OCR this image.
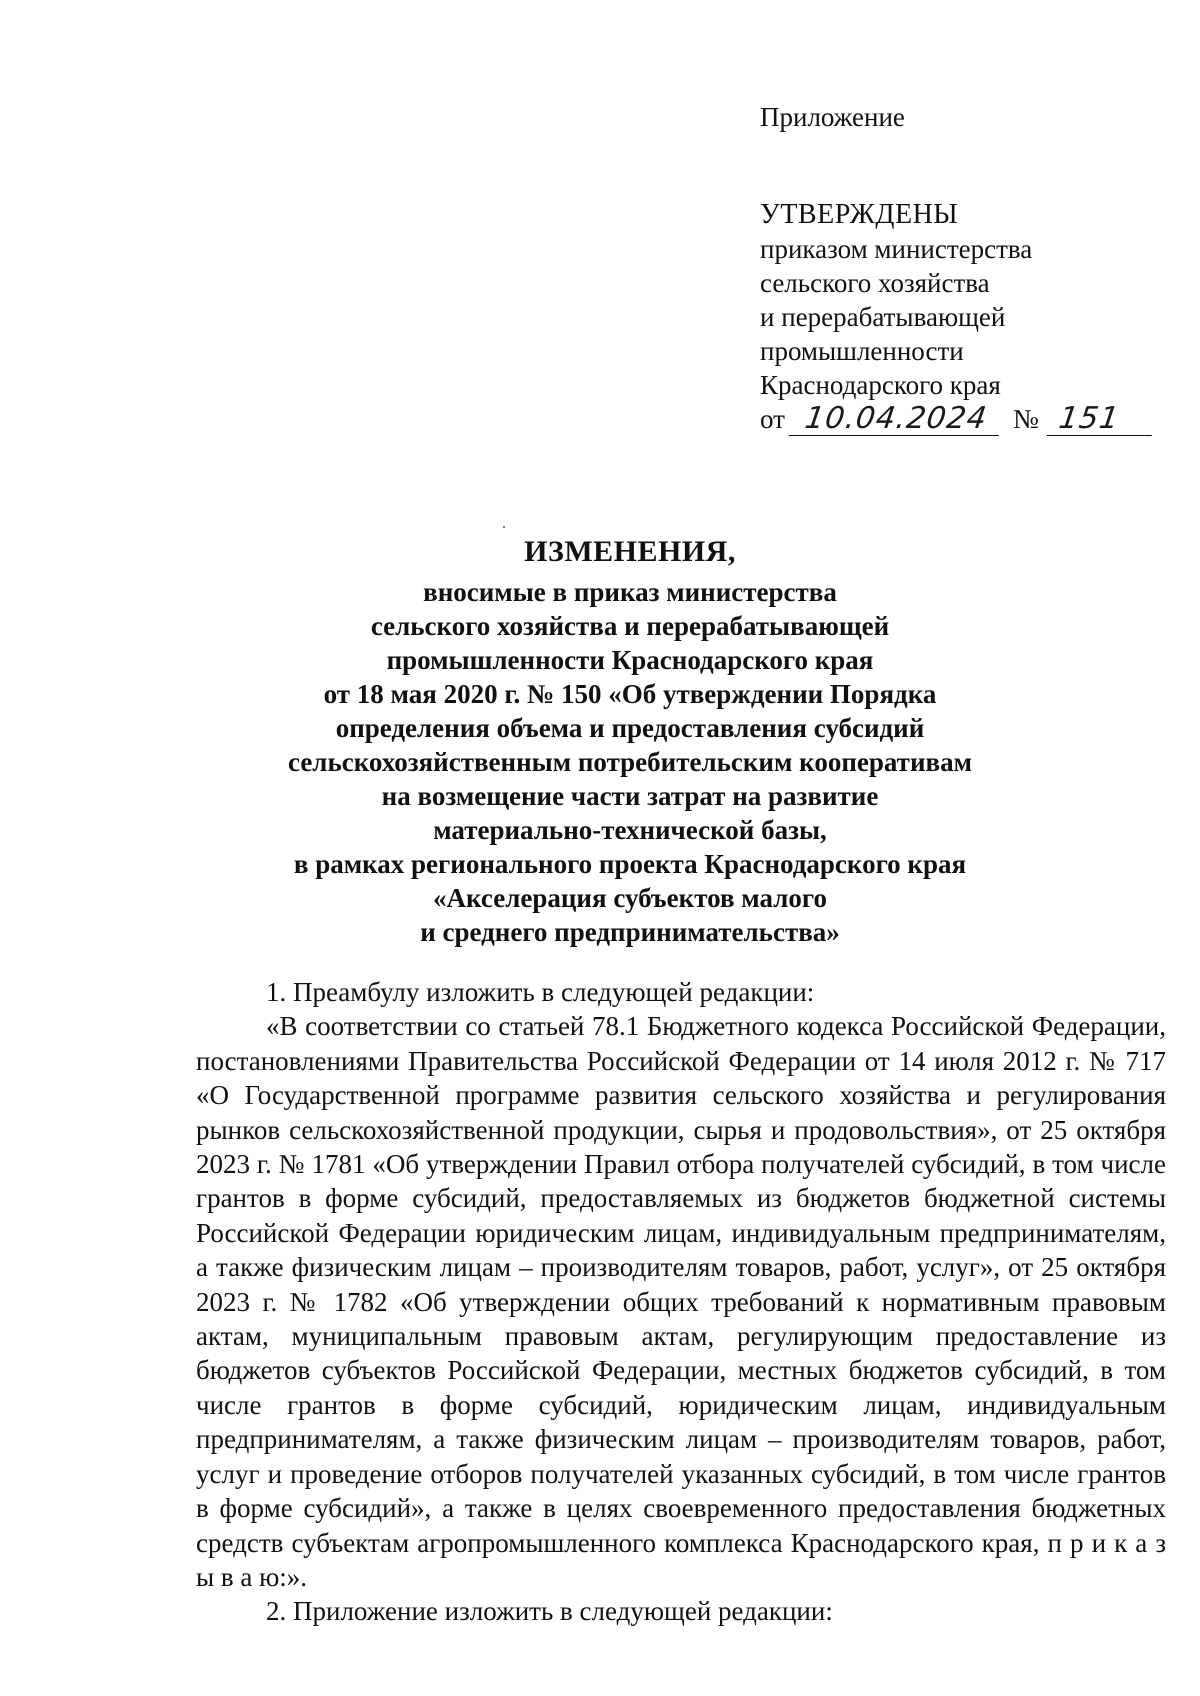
Приложение

УТВЕРЖДЕНЫ

приказом министерства

сельского хозяйства

и перерабатывающей

промышленности

Краснодарского края

от 10.04.2024 № 151

ИЗМЕНЕНИЯ,

вносимые в приказ министерства

сельского хозяйства и перерабатывающей

промышленности Краснодарского края

от 18 мая 2020 г. № 150 «Об утверждении Порядка

определения объема и предоставления субсидий

сельскохозяйственным потребительским кооперативам

на возмещение части затрат на развитие

материально-технической базы,

в рамках регионального проекта Краснодарского края

«Акселерация субъектов малого

и среднего предпринимательства»

1. Преамбулу изложить в следующей редакции:

«В соответствии со статьей 78.1 Бюджетного кодекса Российской Федерации, постановлениями Правительства Российской Федерации от 14 июля 2012 г. № 717 «О Государственной программе развития сельского хозяйства и регулирования рынков сельскохозяйственной продукции, сырья и продовольствия», от 25 октября 2023 г. № 1781 «Об утверждении Правил отбора получателей субсидий, в том числе грантов в форме субсидий, предоставляемых из бюджетов бюджетной системы Российской Федерации юридическим лицам, индивидуальным предпринимателям, а также физическим лицам – производителям товаров, работ, услуг», от 25 октября 2023 г. № 1782 «Об утверждении общих требований к нормативным правовым актам, муниципальным правовым актам, регулирующим предоставление из бюджетов субъектов Российской Федерации, местных бюджетов субсидий, в том числе грантов в форме субсидий, юридическим лицам, индивидуальным предпринимателям, а также физическим лицам – производителям товаров, работ, услуг и проведение отборов получателей указанных субсидий, в том числе грантов в форме субсидий», а также в целях своевременного предоставления бюджетных средств субъектам агропромышленного комплекса Краснодарского края, п р и к а з ы в а ю:».

2. Приложение изложить в следующей редакции:
